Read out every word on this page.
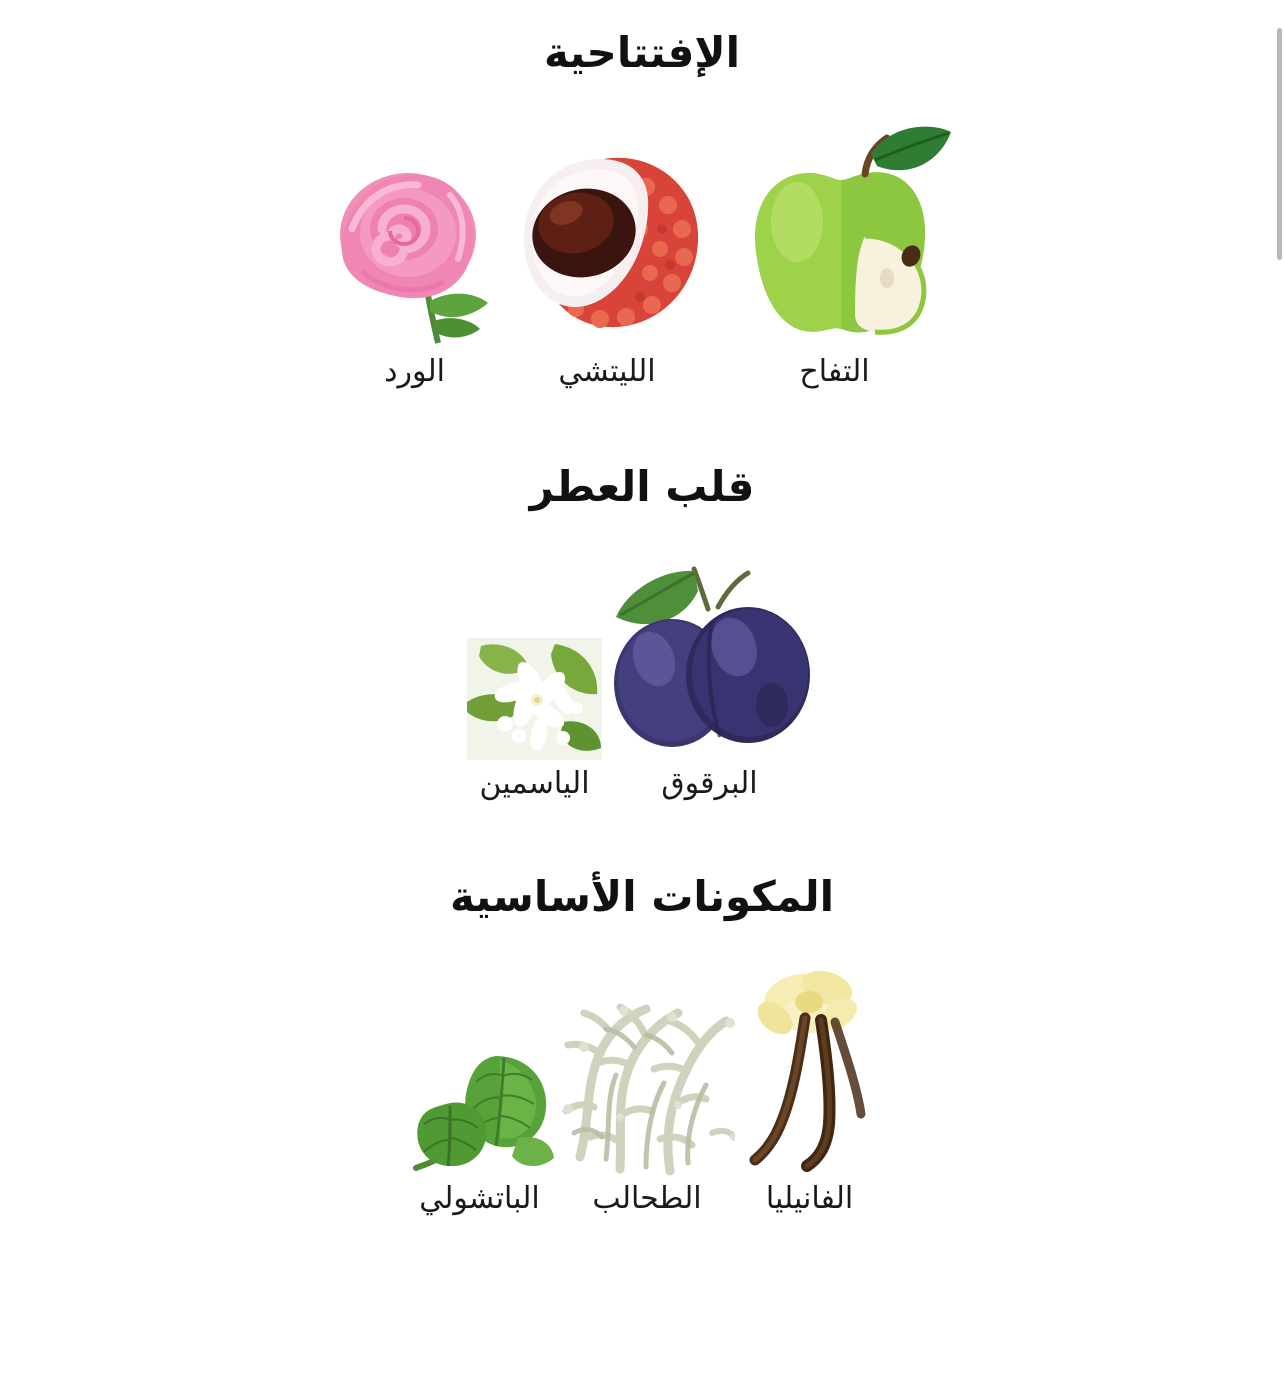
الإفتتاحية
التفاح
الليتشي
الورد
قلب العطر
البرقوق
الياسمين
المكونات الأساسية
الفانيليا
الطحالب
الباتشولي
